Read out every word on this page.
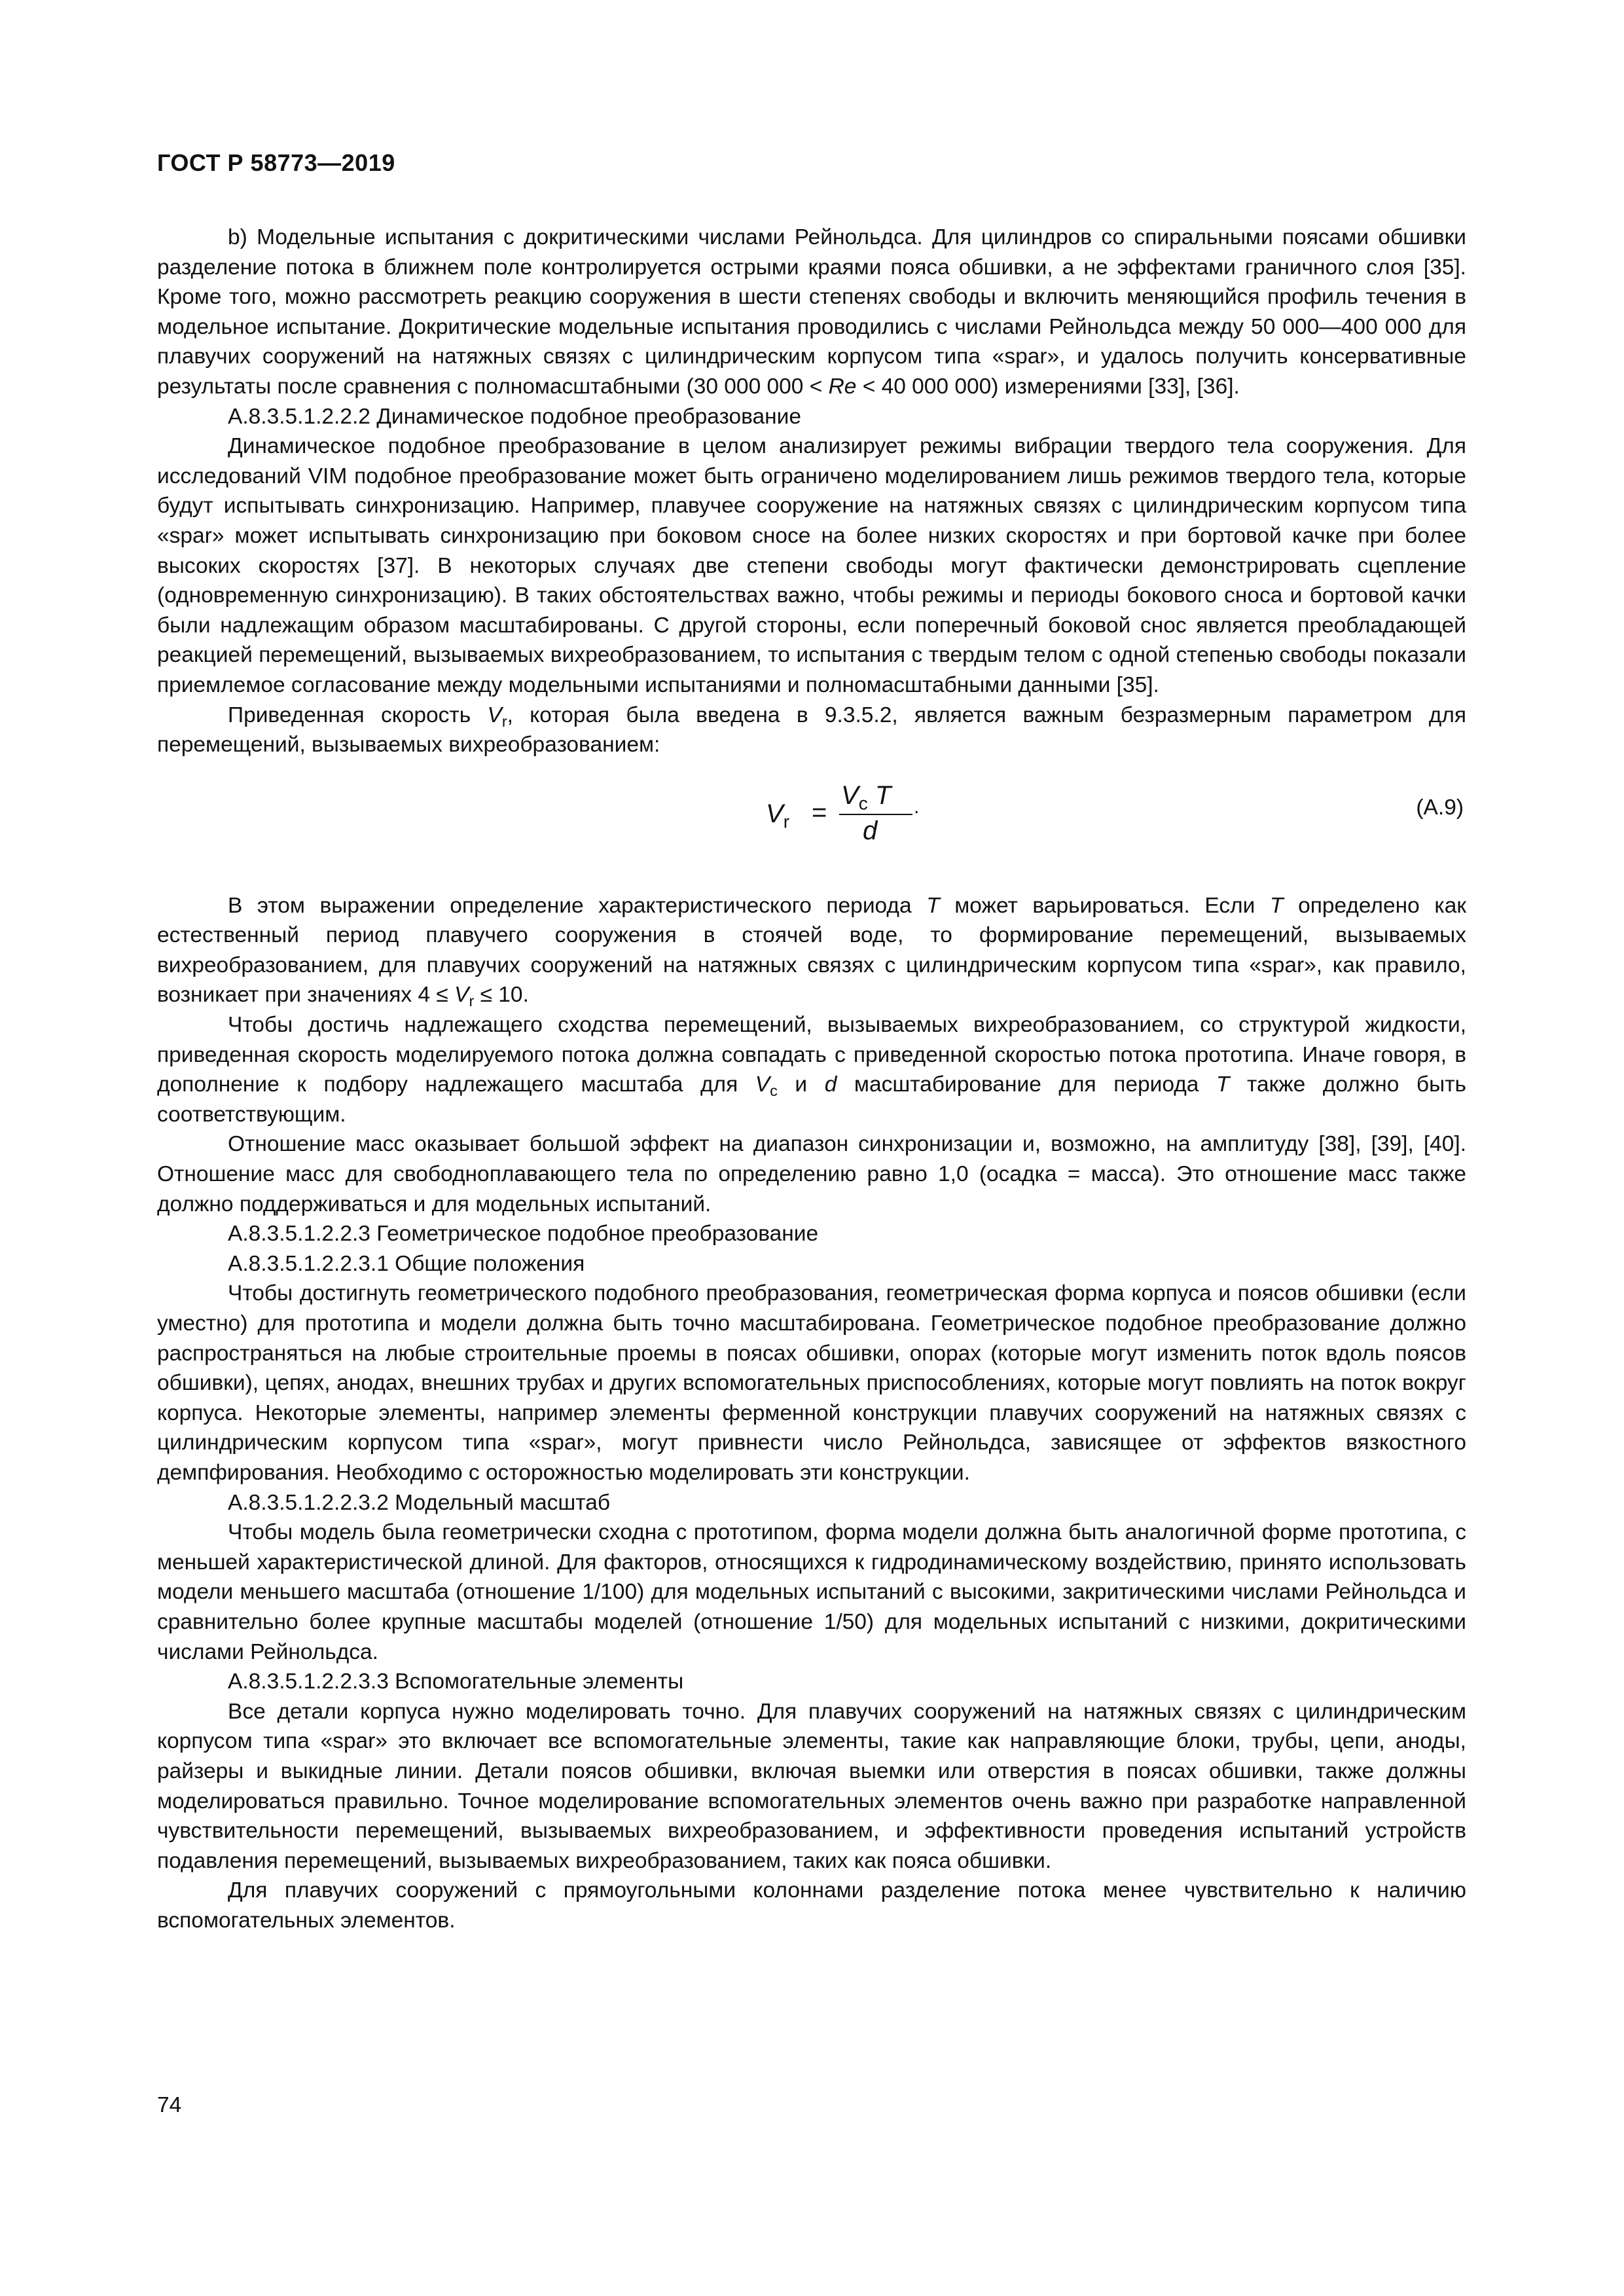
ГОСТ Р 58773—2019

b) Модельные испытания с докритическими числами Рейнольдса. Для цилиндров со спиральными поясами обшивки разделение потока в ближнем поле контролируется острыми краями пояса обшивки, а не эффектами граничного слоя [35]. Кроме того, можно рассмотреть реакцию сооружения в шести степенях свободы и включить меняющийся профиль течения в модельное испытание. Докритические модельные испытания проводились с числами Рейнольдса между 50 000—400 000 для плавучих сооружений на натяжных связях с цилиндрическим корпусом типа «spar», и удалось получить консервативные результаты после сравнения с полномасштабными (30 000 000 < Re < 40 000 000) измерениями [33], [36].

А.8.3.5.1.2.2.2 Динамическое подобное преобразование

Динамическое подобное преобразование в целом анализирует режимы вибрации твердого тела сооружения. Для исследований VIM подобное преобразование может быть ограничено моделированием лишь режимов твердого тела, которые будут испытывать синхронизацию. Например, плавучее сооружение на натяжных связях с цилиндрическим корпусом типа «spar» может испытывать синхронизацию при боковом сносе на более низких скоростях и при бортовой качке при более высоких скоростях [37]. В некоторых случаях две степени свободы могут фактически демонстрировать сцепление (одновременную синхронизацию). В таких обстоятельствах важно, чтобы режимы и периоды бокового сноса и бортовой качки были надлежащим образом масштабированы. С другой стороны, если поперечный боковой снос является преобладающей реакцией перемещений, вызываемых вихреобразованием, то испытания с твердым телом с одной степенью свободы показали приемлемое согласование между модельными испытаниями и полномасштабными данными [35].

Приведенная скорость $V_r$, которая была введена в 9.3.5.2, является важным безразмерным параметром для перемещений, вызываемых вихреобразованием:

$V_r$ =
$V_c$ T
d
.	(А.9)

В этом выражении определение характеристического периода T может варьироваться. Если T определено как естественный период плавучего сооружения в стоячей воде, то формирование перемещений, вызываемых вихреобразованием, для плавучих сооружений на натяжных связях с цилиндрическим корпусом типа «spar», как правило, возникает при значениях $4 \le V_r \le 10$.

Чтобы достичь надлежащего сходства перемещений, вызываемых вихреобразованием, со структурой жидкости, приведенная скорость моделируемого потока должна совпадать с приведенной скоростью потока прототипа. Иначе говоря, в дополнение к подбору надлежащего масштаба для $V_c$ и d масштабирование для периода T также должно быть соответствующим.

Отношение масс оказывает большой эффект на диапазон синхронизации и, возможно, на амплитуду [38], [39], [40]. Отношение масс для свободноплавающего тела по определению равно 1,0 (осадка = масса). Это отношение масс также должно поддерживаться и для модельных испытаний.

А.8.3.5.1.2.2.3 Геометрическое подобное преобразование

А.8.3.5.1.2.2.3.1 Общие положения

Чтобы достигнуть геометрического подобного преобразования, геометрическая форма корпуса и поясов обшивки (если уместно) для прототипа и модели должна быть точно масштабирована. Геометрическое подобное преобразование должно распространяться на любые строительные проемы в поясах обшивки, опорах (которые могут изменить поток вдоль поясов обшивки), цепях, анодах, внешних трубах и других вспомогательных приспособлениях, которые могут повлиять на поток вокруг корпуса. Некоторые элементы, например элементы ферменной конструкции плавучих сооружений на натяжных связях с цилиндрическим корпусом типа «spar», могут привнести число Рейнольдса, зависящее от эффектов вязкостного демпфирования. Необходимо с осторожностью моделировать эти конструкции.

А.8.3.5.1.2.2.3.2 Модельный масштаб

Чтобы модель была геометрически сходна с прототипом, форма модели должна быть аналогичной форме прототипа, с меньшей характеристической длиной. Для факторов, относящихся к гидродинамическому воздействию, принято использовать модели меньшего масштаба (отношение 1/100) для модельных испытаний с высокими, закритическими числами Рейнольдса и сравнительно более крупные масштабы моделей (отношение 1/50) для модельных испытаний с низкими, докритическими числами Рейнольдса.

А.8.3.5.1.2.2.3.3 Вспомогательные элементы

Все детали корпуса нужно моделировать точно. Для плавучих сооружений на натяжных связях с цилиндрическим корпусом типа «spar» это включает все вспомогательные элементы, такие как направляющие блоки, трубы, цепи, аноды, райзеры и выкидные линии. Детали поясов обшивки, включая выемки или отверстия в поясах обшивки, также должны моделироваться правильно. Точное моделирование вспомогательных элементов очень важно при разработке направленной чувствительности перемещений, вызываемых вихреобразованием, и эффективности проведения испытаний устройств подавления перемещений, вызываемых вихреобразованием, таких как пояса обшивки.

Для плавучих сооружений с прямоугольными колоннами разделение потока менее чувствительно к наличию вспомогательных элементов.

74
